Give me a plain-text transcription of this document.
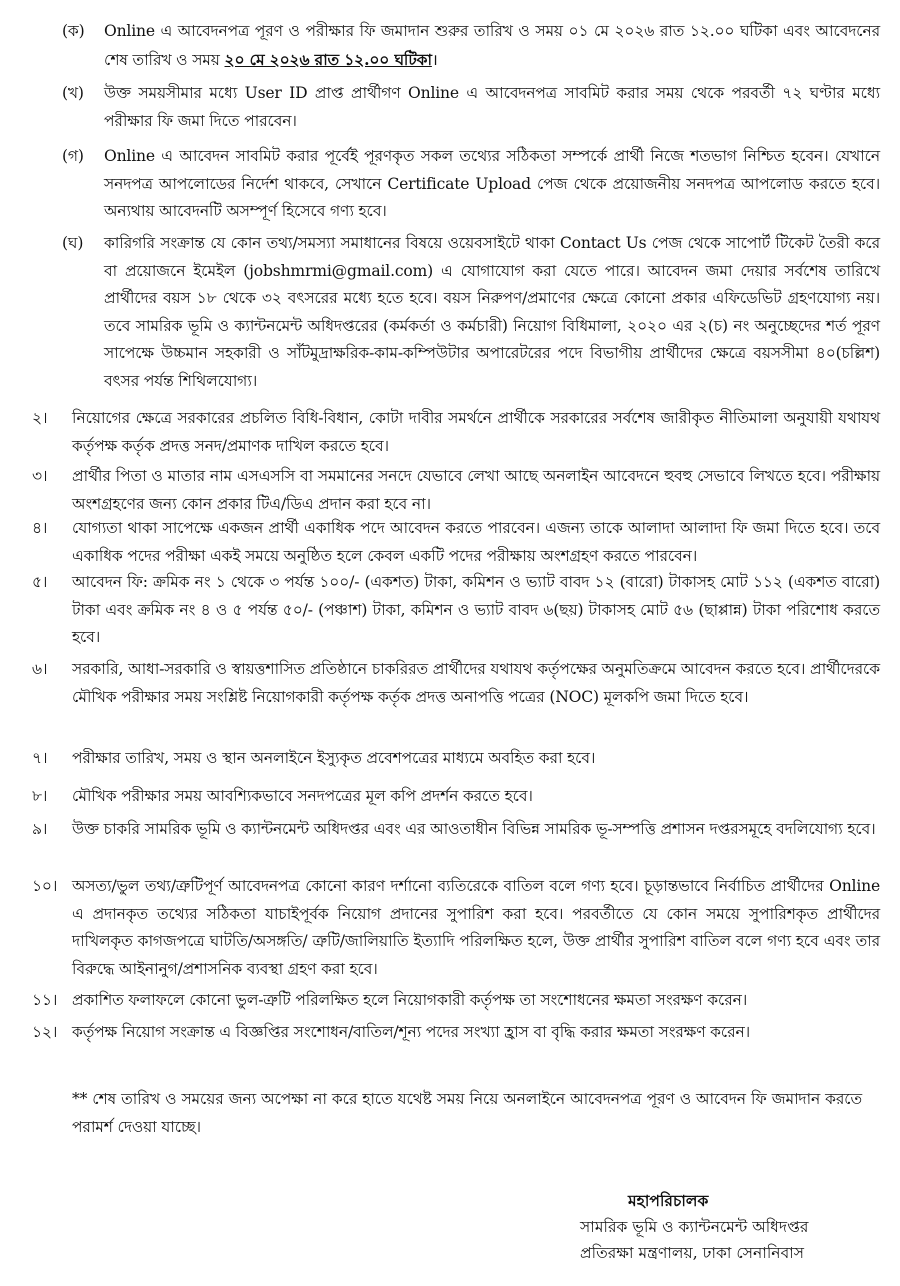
(ক) Online এ আবেদনপত্র পূরণ ও পরীক্ষার ফি জমাদান শুরুর তারিখ ও সময় ০১ মে ২০২৬ রাত ১২.০০ ঘটিকা এবং আবেদনের শেষ তারিখ ও সময় ২০ মে ২০২৬ রাত ১২.০০ ঘটিকা।
(খ) উক্ত সময়সীমার মধ্যে User ID প্রাপ্ত প্রার্থীগণ Online এ আবেদনপত্র সাবমিট করার সময় থেকে পরবর্তী ৭২ ঘণ্টার মধ্যে পরীক্ষার ফি জমা দিতে পারবেন।
(গ) Online এ আবেদন সাবমিট করার পূর্বেই পূরণকৃত সকল তথ্যের সঠিকতা সম্পর্কে প্রার্থী নিজে শতভাগ নিশ্চিত হবেন। যেখানে সনদপত্র আপলোডের নির্দেশ থাকবে, সেখানে Certificate Upload পেজ থেকে প্রয়োজনীয় সনদপত্র আপলোড করতে হবে। অন্যথায় আবেদনটি অসম্পূর্ণ হিসেবে গণ্য হবে।
(ঘ) কারিগরি সংক্রান্ত যে কোন তথ্য/সমস্যা সমাধানের বিষয়ে ওয়েবসাইটে থাকা Contact Us পেজ থেকে সাপোর্ট টিকেট তৈরী করে বা প্রয়োজনে ইমেইল (jobshmrmi@gmail.com) এ যোগাযোগ করা যেতে পারে। আবেদন জমা দেয়ার সর্বশেষ তারিখে প্রার্থীদের বয়স ১৮ থেকে ৩২ বৎসরের মধ্যে হতে হবে। বয়স নিরুপণ/প্রমাণের ক্ষেত্রে কোনো প্রকার এফিডেভিট গ্রহণযোগ্য নয়। তবে সামরিক ভূমি ও ক্যান্টনমেন্ট অধিদপ্তরের (কর্মকর্তা ও কর্মচারী) নিয়োগ বিধিমালা, ২০২০ এর ২(চ) নং অনুচ্ছেদের শর্ত পূরণ সাপেক্ষে উচ্চমান সহকারী ও সাঁটমুদ্রাক্ষরিক-কাম-কম্পিউটার অপারেটরের পদে বিভাগীয় প্রার্থীদের ক্ষেত্রে বয়সসীমা ৪০(চল্লিশ) বৎসর পর্যন্ত শিথিলযোগ্য।
২।	নিয়োগের ক্ষেত্রে সরকারের প্রচলিত বিধি-বিধান, কোটা দাবীর সমর্থনে প্রার্থীকে সরকারের সর্বশেষ জারীকৃত নীতিমালা অনুযায়ী যথাযথ কর্তৃপক্ষ কর্তৃক প্রদত্ত সনদ/প্রমাণক দাখিল করতে হবে।
৩।	প্রার্থীর পিতা ও মাতার নাম এসএসসি বা সমমানের সনদে যেভাবে লেখা আছে অনলাইন আবেদনে হুবহু সেভাবে লিখতে হবে। পরীক্ষায় অংশগ্রহণের জন্য কোন প্রকার টিএ/ডিএ প্রদান করা হবে না।
৪।	যোগ্যতা থাকা সাপেক্ষে একজন প্রার্থী একাধিক পদে আবেদন করতে পারবেন। এজন্য তাকে আলাদা আলাদা ফি জমা দিতে হবে। তবে একাধিক পদের পরীক্ষা একই সময়ে অনুষ্ঠিত হলে কেবল একটি পদের পরীক্ষায় অংশগ্রহণ করতে পারবেন।
৫।	আবেদন ফি: ক্রমিক নং ১ থেকে ৩ পর্যন্ত ১০০/- (একশত) টাকা, কমিশন ও ভ্যাট বাবদ ১২ (বারো) টাকাসহ মোট ১১২ (একশত বারো) টাকা এবং ক্রমিক নং ৪ ও ৫ পর্যন্ত ৫০/- (পঞ্চাশ) টাকা, কমিশন ও ভ্যাট বাবদ ৬(ছয়) টাকাসহ মোট ৫৬ (ছাপ্পান্ন) টাকা পরিশোধ করতে হবে।
৬।	সরকারি, আধা-সরকারি ও স্বায়ত্তশাসিত প্রতিষ্ঠানে চাকরিরত প্রার্থীদের যথাযথ কর্তৃপক্ষের অনুমতিক্রমে আবেদন করতে হবে। প্রার্থীদেরকে মৌখিক পরীক্ষার সময় সংশ্লিষ্ট নিয়োগকারী কর্তৃপক্ষ কর্তৃক প্রদত্ত অনাপত্তি পত্রের (NOC) মূলকপি জমা দিতে হবে।
৭।	পরীক্ষার তারিখ, সময় ও স্থান অনলাইনে ইস্যুকৃত প্রবেশপত্রের মাধ্যমে অবহিত করা হবে।
৮।	মৌখিক পরীক্ষার সময় আবশ্যিকভাবে সনদপত্রের মূল কপি প্রদর্শন করতে হবে।
৯।	উক্ত চাকরি সামরিক ভূমি ও ক্যান্টনমেন্ট অধিদপ্তর এবং এর আওতাধীন বিভিন্ন সামরিক ভূ-সম্পত্তি প্রশাসন দপ্তরসমূহে বদলিযোগ্য হবে।
১০। অসত্য/ভুল তথ্য/ত্রুটিপূর্ণ আবেদনপত্র কোনো কারণ দর্শানো ব্যতিরেকে বাতিল বলে গণ্য হবে। চূড়ান্তভাবে নির্বাচিত প্রার্থীদের Online এ প্রদানকৃত তথ্যের সঠিকতা যাচাইপূর্বক নিয়োগ প্রদানের সুপারিশ করা হবে। পরবর্তীতে যে কোন সময়ে সুপারিশকৃত প্রার্থীদের দাখিলকৃত কাগজপত্রে ঘাটতি/অসঙ্গতি/ ত্রুটি/জালিয়াতি ইত্যাদি পরিলক্ষিত হলে, উক্ত প্রার্থীর সুপারিশ বাতিল বলে গণ্য হবে এবং তার বিরুদ্ধে আইনানুগ/প্রশাসনিক ব্যবস্থা গ্রহণ করা হবে।
১১। প্রকাশিত ফলাফলে কোনো ভুল-ত্রুটি পরিলক্ষিত হলে নিয়োগকারী কর্তৃপক্ষ তা সংশোধনের ক্ষমতা সংরক্ষণ করেন।
১২। কর্তৃপক্ষ নিয়োগ সংক্রান্ত এ বিজ্ঞপ্তির সংশোধন/বাতিল/শূন্য পদের সংখ্যা হ্রাস বা বৃদ্ধি করার ক্ষমতা সংরক্ষণ করেন।
** শেষ তারিখ ও সময়ের জন্য অপেক্ষা না করে হাতে যথেষ্ট সময় নিয়ে অনলাইনে আবেদনপত্র পূরণ ও আবেদন ফি জমাদান করতে পরামর্শ দেওয়া যাচ্ছে।
মহাপরিচালক
সামরিক ভূমি ও ক্যান্টনমেন্ট অধিদপ্তর
প্রতিরক্ষা মন্ত্রণালয়, ঢাকা সেনানিবাস
